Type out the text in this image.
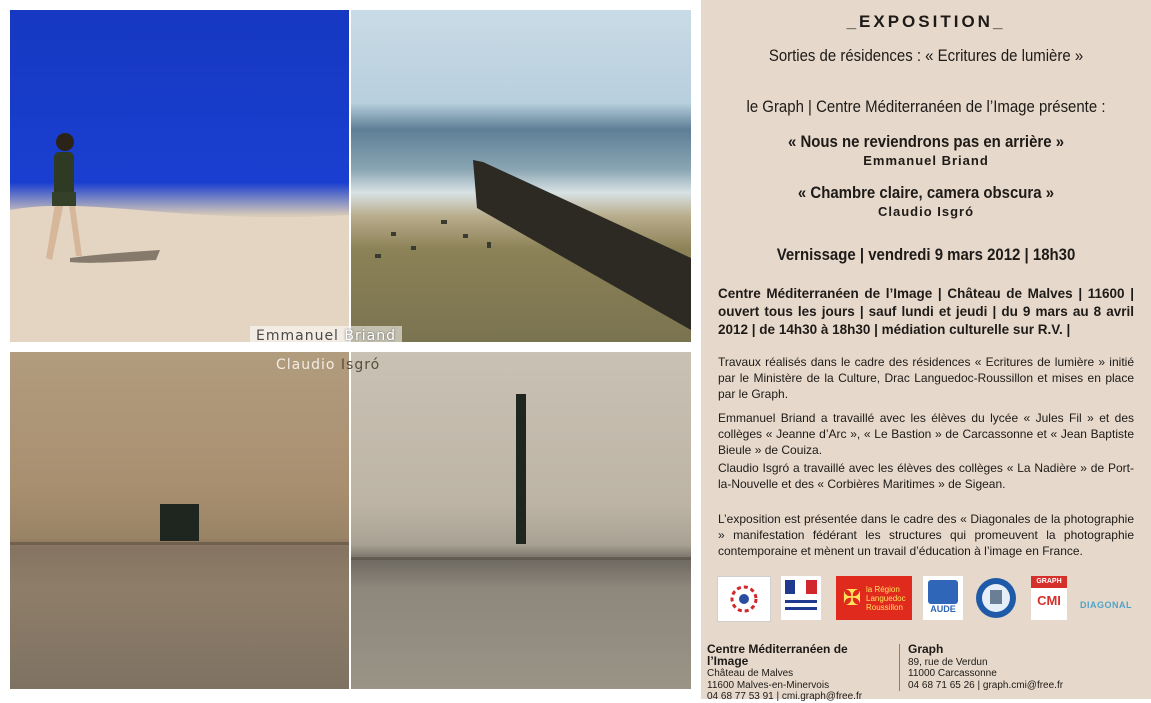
Emmanuel Briand
Claudio Isgró
_EXPOSITION_
Sorties de résidences : « Ecritures de lumière »
le Graph | Centre Méditerranéen de l’Image présente :
« Nous ne reviendrons pas en arrière »
Emmanuel Briand
« Chambre claire, camera obscura »
Claudio Isgró
Vernissage | vendredi 9 mars 2012 | 18h30
Centre Méditerranéen de l’Image | Château de Malves | 11600 | ouvert tous les jours | sauf lundi et jeudi | du 9 mars au 8 avril 2012 | de 14h30 à 18h30 | médiation culturelle sur R.V. |
Travaux réalisés dans le cadre des résidences « Ecritures de lumière » initié par le Ministère de la Culture, Drac Languedoc-Roussillon et mises en place par le Graph.
Emmanuel Briand a travaillé avec les élèves du lycée « Jules Fil » et des collèges « Jeanne d’Arc », « Le Bastion » de Carcassonne et « Jean Baptiste Bieule » de Couiza.
Claudio Isgró a travaillé avec les élèves des collèges « La Nadière » de Port-la-Nouvelle et des « Corbières Maritimes » de Sigean.
L’exposition est présentée dans le cadre des « Diagonales de la photographie » manifestation fédérant les structures qui promeuvent la photographie contemporaine et mènent un travail d’éducation à l’image en France.
✠ la Région
Languedoc
Roussillon	AUDE
GRAPH
CMI	DIAGONAL
Centre Méditerranéen de l’Image
Château de Malves
11600 Malves-en-Minervois
04 68 77 53 91 | cmi.graph@free.fr
Graph
89, rue de Verdun
11000 Carcassonne
04 68 71 65 26 | graph.cmi@free.fr
